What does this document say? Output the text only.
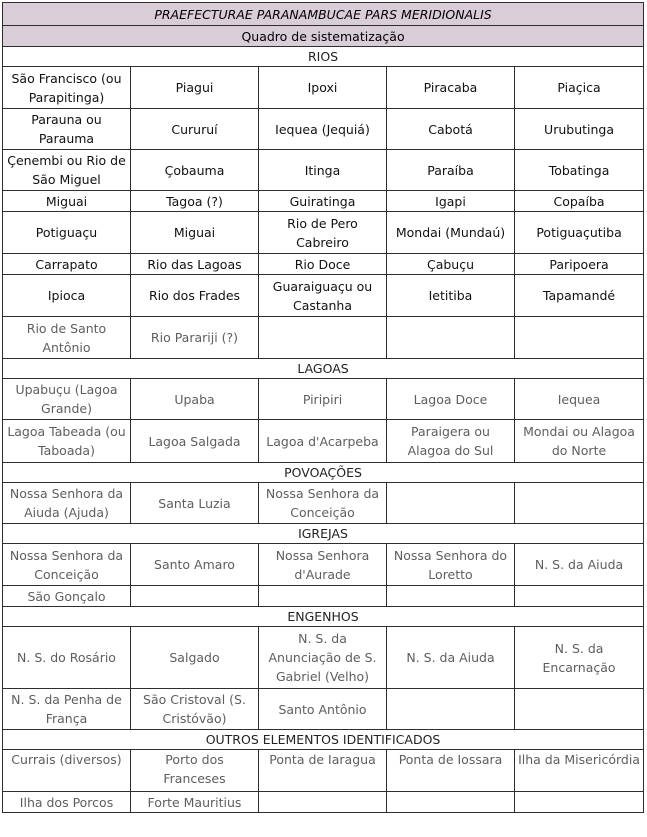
PRAEFECTURAE PARANAMBUCAE PARS MERIDIONALIS				
Quadro de sistematização				
RIOS				
São Francisco (ou Parapitinga)	Piagui	Ipoxi	Piracaba	Piaçica
Parauna ou Parauma	Cururuí	Iequea (Jequiá)	Cabotá	Urubutinga
Çenembi ou Rio de São Miguel	Çobauma	Itinga	Paraíba	Tobatinga
Miguai	Tagoa (?)	Guiratinga	Igapi	Copaíba
Potiguaçu	Miguai	Rio de Pero Cabreiro	Mondai (Mundaú)	Potiguaçutiba
Carrapato	Rio das Lagoas	Rio Doce	Çabuçu	Paripoera
Ipioca	Rio dos Frades	Guaraiguaçu ou Castanha	Ietitiba	Tapamandé
Rio de Santo Antônio	Rio Parariji (?)			
LAGOAS				
Upabuçu (Lagoa Grande)	Upaba	Piripiri	Lagoa Doce	Iequea
Lagoa Tabeada (ou Taboada)	Lagoa Salgada	Lagoa d'Acarpeba	Paraigera ou Alagoa do Sul	Mondai ou Alagoa do Norte
POVOAÇÕES				
Nossa Senhora da Aiuda (Ajuda)	Santa Luzia	Nossa Senhora da Conceição		
IGREJAS				
Nossa Senhora da Conceição	Santo Amaro	Nossa Senhora d'Aurade	Nossa Senhora do Loretto	N. S. da Aiuda
São Gonçalo				
ENGENHOS				
N. S. do Rosário	Salgado	N. S. da Anunciação de S. Gabriel (Velho)	N. S. da Aiuda	N. S. da Encarnação
N. S. da Penha de França	São Cristoval (S. Cristóvão)	Santo Antônio		
OUTROS ELEMENTOS IDENTIFICADOS				
Currais (diversos)	Porto dos Franceses	Ponta de Iaragua	Ponta de Iossara	Ilha da Misericórdia
Ilha dos Porcos	Forte Mauritius			
